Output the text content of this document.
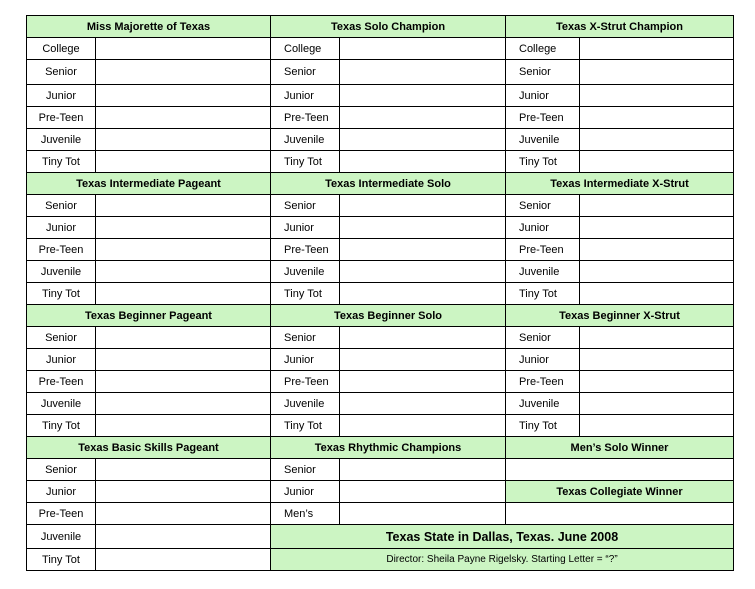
Miss Majorette of Texas		Texas Solo Champion		Texas X-Strut Champion	
College		College		College	
Senior		Senior		Senior	
Junior		Junior		Junior	
Pre-Teen		Pre-Teen		Pre-Teen	
Juvenile		Juvenile		Juvenile	
Tiny Tot		Tiny Tot		Tiny Tot	
Texas Intermediate Pageant		Texas Intermediate Solo		Texas Intermediate X-Strut	
Senior		Senior		Senior	
Junior		Junior		Junior	
Pre-Teen		Pre-Teen		Pre-Teen	
Juvenile		Juvenile		Juvenile	
Tiny Tot		Tiny Tot		Tiny Tot	
Texas Beginner Pageant		Texas Beginner Solo		Texas Beginner X-Strut	
Senior		Senior		Senior	
Junior		Junior		Junior	
Pre-Teen		Pre-Teen		Pre-Teen	
Juvenile		Juvenile		Juvenile	
Tiny Tot		Tiny Tot		Tiny Tot	
Texas Basic Skills Pageant		Texas Rhythmic Champions		Men’s Solo Winner	
Senior		Senior			
Junior		Junior		Texas Collegiate Winner	
Pre-Teen		Men’s			
Juvenile		Texas State in Dallas, Texas. June 2008			
Tiny Tot		Director: Sheila Payne Rigelsky. Starting Letter = “?”			
